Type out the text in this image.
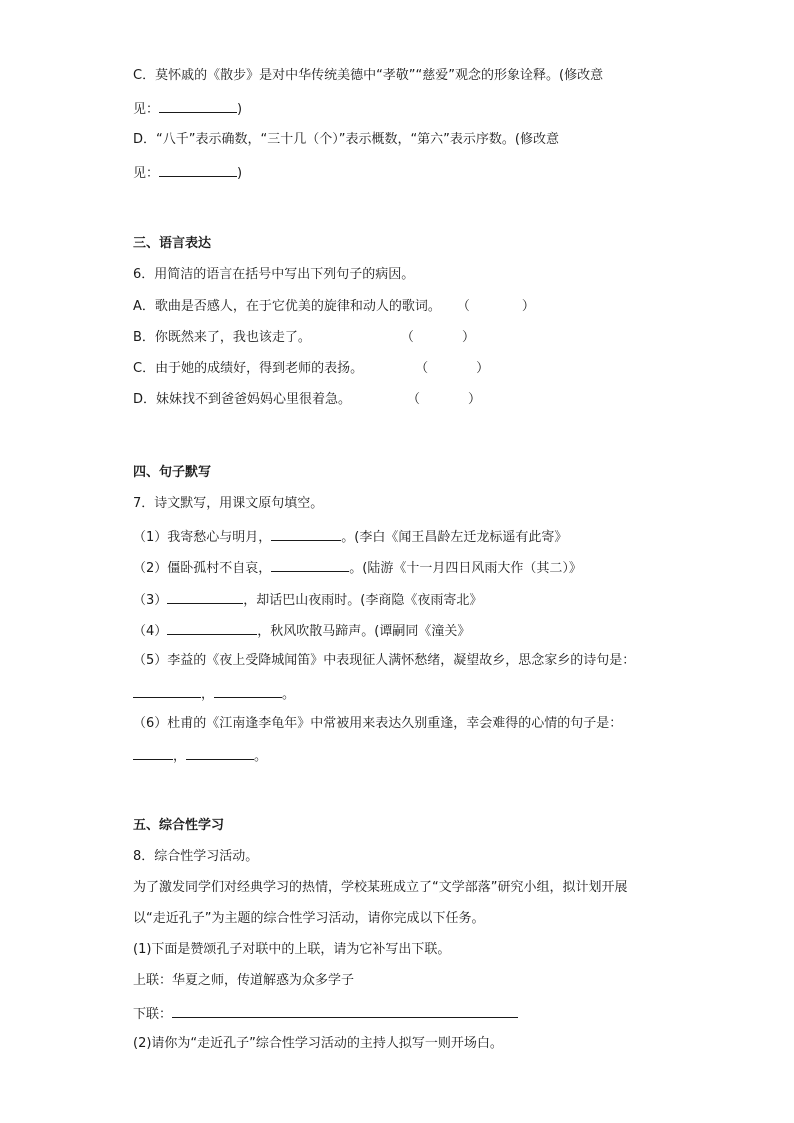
C．莫怀戚的《散步》是对中华传统美德中“孝敬”“慈爱”观念的形象诠释。(修改意
见：	)
D．“八千”表示确数，“三十几（个）”表示概数，“第六”表示序数。(修改意
见：	)
三、语言表达
6．用简洁的语言在括号中写出下列句子的病因。
A．歌曲是否感人，在于它优美的旋律和动人的歌词。 （	）
B．你既然来了，我也该走了。	（	）
C．由于她的成绩好，得到老师的表扬。	（	）
D．妹妹找不到爸爸妈妈心里很着急。	（	）
四、句子默写
7．诗文默写，用课文原句填空。
（1）我寄愁心与明月，	。(李白《闻王昌龄左迁龙标遥有此寄》
（2）僵卧孤村不自哀，	。(陆游《十一月四日风雨大作（其二）》
（3）	，却话巴山夜雨时。(李商隐《夜雨寄北》
（4）	，秋风吹散马蹄声。(谭嗣同《潼关》
（5）李益的《夜上受降城闻笛》中表现征人满怀愁绪，凝望故乡，思念家乡的诗句是：
，	。
（6）杜甫的《江南逢李龟年》中常被用来表达久别重逢，幸会难得的心情的句子是：
，	。
五、综合性学习
8．综合性学习活动。
为了激发同学们对经典学习的热情，学校某班成立了“文学部落”研究小组，拟计划开展
以“走近孔子”为主题的综合性学习活动，请你完成以下任务。
(1)下面是赞颂孔子对联中的上联，请为它补写出下联。
上联：华夏之师，传道解惑为众多学子
下联：
(2)请你为“走近孔子”综合性学习活动的主持人拟写一则开场白。
